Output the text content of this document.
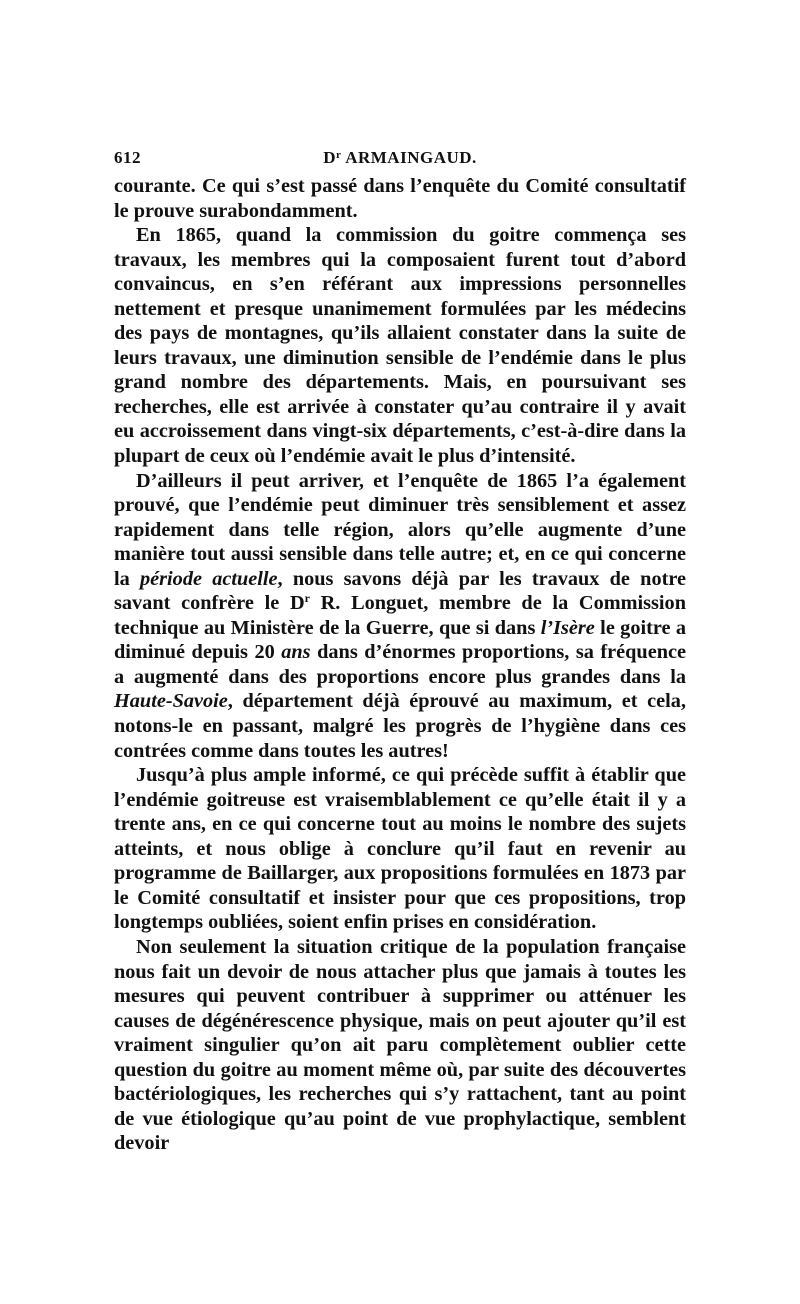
612	$D^r$ ARMAINGAUD.

courante. Ce qui s’est passé dans l’enquête du Comité consultatif le prouve surabondamment.

En 1865, quand la commission du goitre commença ses travaux, les membres qui la composaient furent tout d’abord convaincus, en s’en référant aux impressions personnelles nettement et presque unanimement formulées par les médecins des pays de montagnes, qu’ils allaient constater dans la suite de leurs travaux, une diminution sensible de l’endémie dans le plus grand nombre des départements. Mais, en poursuivant ses recherches, elle est arrivée à constater qu’au contraire il y avait eu accroissement dans vingt-six départements, c’est-à-dire dans la plupart de ceux où l’endémie avait le plus d’intensité.

D’ailleurs il peut arriver, et l’enquête de 1865 l’a également prouvé, que l’endémie peut diminuer très sensiblement et assez rapidement dans telle région, alors qu’elle augmente d’une manière tout aussi sensible dans telle autre; et, en ce qui concerne la période actuelle, nous savons déjà par les travaux de notre savant confrère le $D^r$ R. Longuet, membre de la Commission technique au Ministère de la Guerre, que si dans l’Isère le goitre a diminué depuis 20 ans dans d’énormes proportions, sa fréquence a augmenté dans des proportions encore plus grandes dans la Haute-Savoie, département déjà éprouvé au maximum, et cela, notons-le en passant, malgré les progrès de l’hygiène dans ces contrées comme dans toutes les autres!

Jusqu’à plus ample informé, ce qui précède suffit à établir que l’endémie goitreuse est vraisemblablement ce qu’elle était il y a trente ans, en ce qui concerne tout au moins le nombre des sujets atteints, et nous oblige à conclure qu’il faut en revenir au programme de Baillarger, aux propositions formulées en 1873 par le Comité consultatif et insister pour que ces propositions, trop longtemps oubliées, soient enfin prises en considération.

Non seulement la situation critique de la population française nous fait un devoir de nous attacher plus que jamais à toutes les mesures qui peuvent contribuer à supprimer ou atténuer les causes de dégénérescence physique, mais on peut ajouter qu’il est vraiment singulier qu’on ait paru complètement oublier cette question du goitre au moment même où, par suite des découvertes bactériologiques, les recherches qui s’y rattachent, tant au point de vue étiologique qu’au point de vue prophylactique, semblent devoir
